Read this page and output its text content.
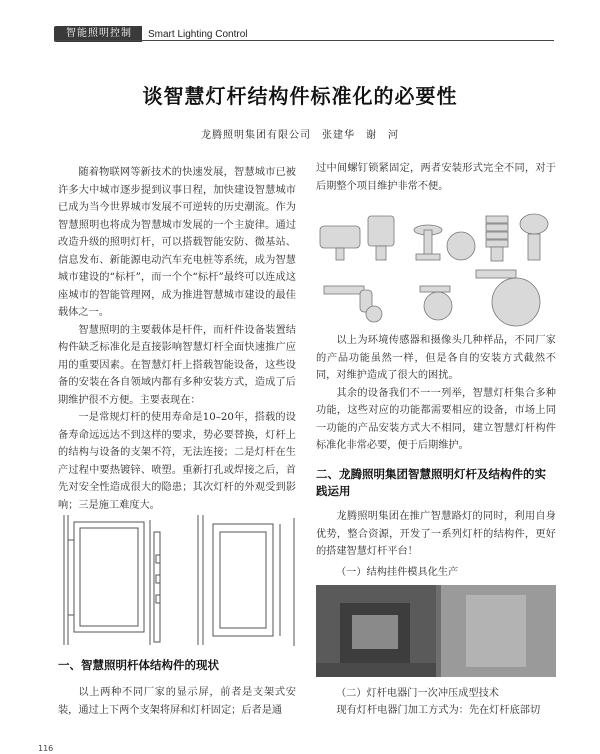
智能照明控制	Smart Lighting Control
谈智慧灯杆结构件标准化的必要性
龙腾照明集团有限公司　张建华　谢　河

随着物联网等新技术的快速发展，智慧城市已被许多大中城市逐步提到议事日程，加快建设智慧城市已成为当今世界城市发展不可逆转的历史潮流。作为智慧照明也将成为智慧城市发展的一个主旋律。通过改造升级的照明灯杆，可以搭载智能安防、微基站、信息发布、新能源电动汽车充电桩等系统，成为智慧城市建设的“标杆”，而一个个“标杆”最终可以连成这座城市的智能管理网，成为推进智慧城市建设的最佳载体之一。

智慧照明的主要载体是杆件，而杆件设备装置结构件缺乏标准化是直接影响智慧灯杆全面快速推广应用的重要因素。在智慧灯杆上搭载智能设备，这些设备的安装在各自领域内都有多种安装方式，造成了后期维护很不方便。主要表现在：

一是常规灯杆的使用寿命是10–20年，搭载的设备寿命远远达不到这样的要求，势必要替换，灯杆上的结构与设备的支架不符，无法连接；二是灯杆在生产过程中要热镀锌、喷塑。重新打孔或焊接之后，首先对安全性造成很大的隐患；其次灯杆的外观受到影响；三是施工难度大。

一、智慧照明杆体结构件的现状

以上两种不同厂家的显示屏，前者是支架式安装，通过上下两个支架将屏和灯杆固定；后者是通

过中间螺钉锁紧固定，两者安装形式完全不同，对于后期整个项目维护非常不便。

以上为环境传感器和摄像头几种样品，不同厂家的产品功能虽然一样，但是各自的安装方式截然不同，对维护造成了很大的困扰。

其余的设备我们不一一列举，智慧灯杆集合多种功能，这些对应的功能都需要相应的设备，市场上同一功能的产品安装方式大不相同，建立智慧灯杆构件标准化非常必要，便于后期维护。

二、龙腾照明集团智慧照明灯杆及结构件的实践运用

龙腾照明集团在推广智慧路灯的同时，利用自身优势，整合资源，开发了一系列灯杆的结构件，更好的搭建智慧灯杆平台！

（一）结构挂件模具化生产
（二）灯杆电器门一次冲压成型技术

现有灯杆电器门加工方式为：先在灯杆底部切

116
